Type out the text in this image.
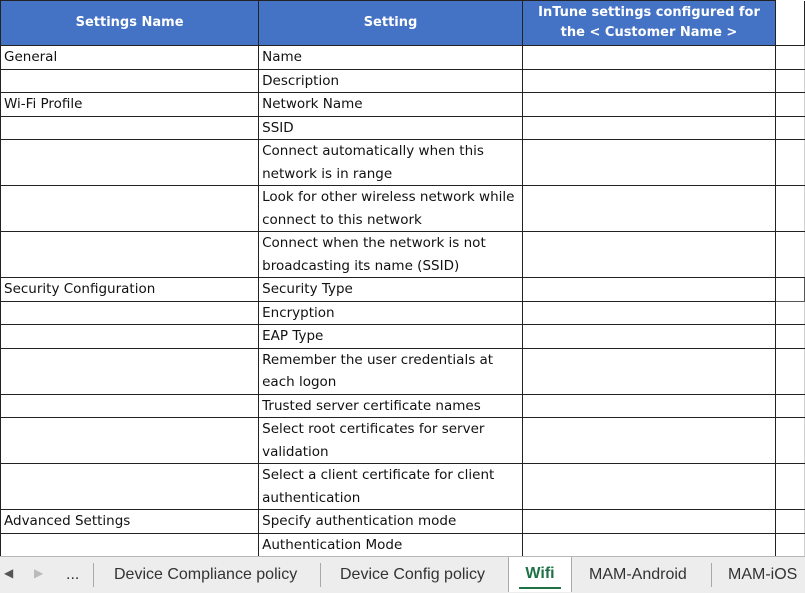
Settings Name	Setting	InTune settings configured for the < Customer Name >	
General	Name		
	Description		
Wi-Fi Profile	Network Name		
	SSID		
	Connect automatically when this network is in range		
	Look for other wireless network while connect to this network		
	Connect when the network is not broadcasting its name (SSID)		
Security Configuration	Security Type		
	Encryption		
	EAP Type		
	Remember the user credentials at each logon		
	Trusted server certificate names		
	Select root certificates for server validation		
	Select a client certificate for client authentication		
Advanced Settings	Specify authentication mode		
	Authentication Mode		

◀ ▶ ... Device Compliance policy	Device Config policy	Wifi	MAM-Android	MAM-iOS
